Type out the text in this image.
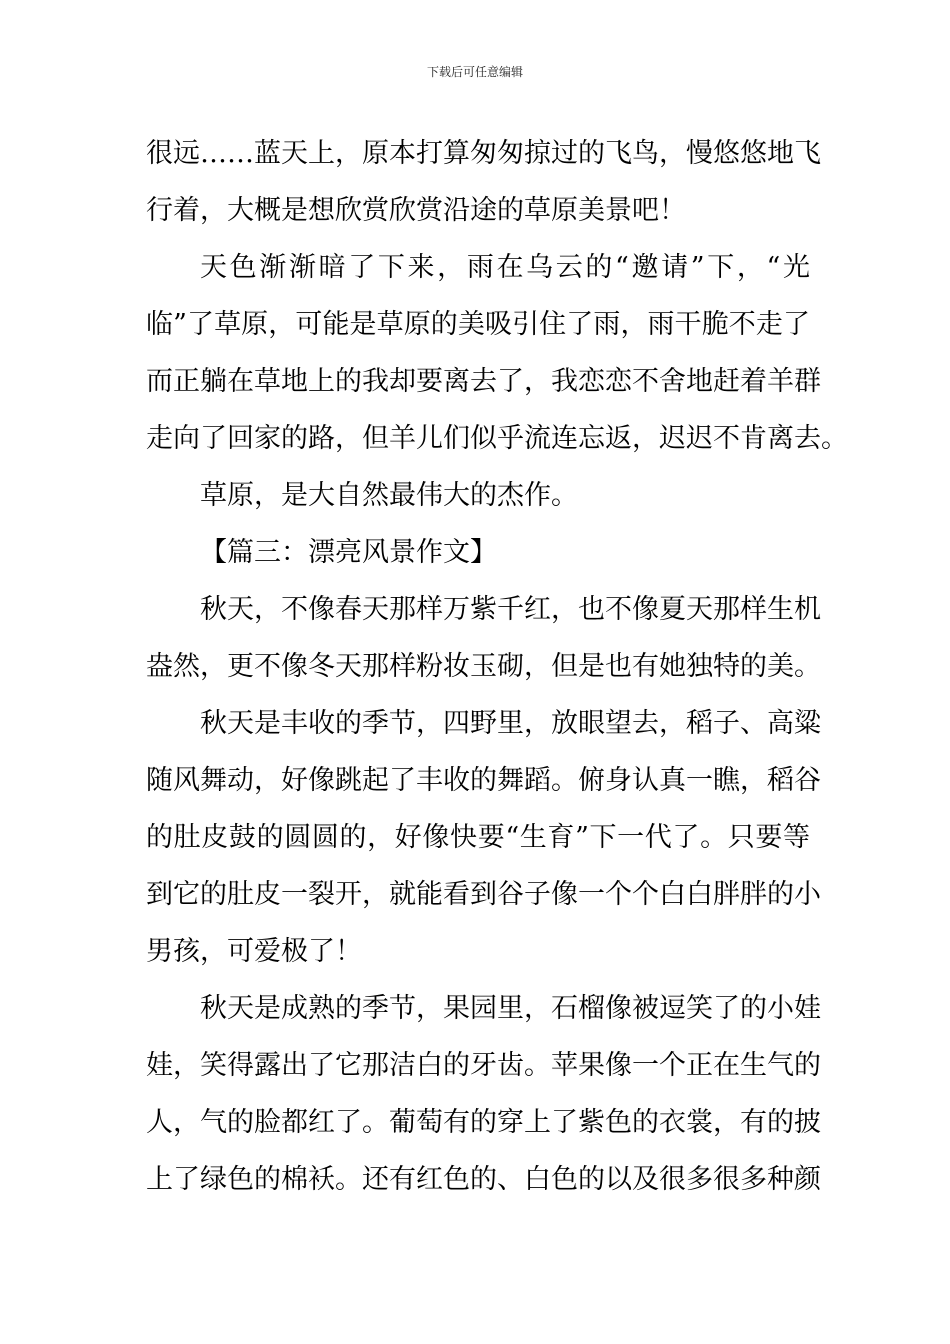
下载后可任意编辑
很远……蓝天上，原本打算匆匆掠过的飞鸟，慢悠悠地飞
行着，大概是想欣赏欣赏沿途的草原美景吧！
天色渐渐暗了下来，雨在乌云的“邀请”下，“光
临”了草原，可能是草原的美吸引住了雨，雨干脆不走了
而正躺在草地上的我却要离去了，我恋恋不舍地赶着羊群
走向了回家的路，但羊儿们似乎流连忘返，迟迟不肯离去。
草原，是大自然最伟大的杰作。
【篇三：漂亮风景作文】
秋天，不像春天那样万紫千红，也不像夏天那样生机
盎然，更不像冬天那样粉妆玉砌，但是也有她独特的美。
秋天是丰收的季节，四野里，放眼望去，稻子、高粱
随风舞动，好像跳起了丰收的舞蹈。俯身认真一瞧，稻谷
的肚皮鼓的圆圆的，好像快要“生育”下一代了。只要等
到它的肚皮一裂开，就能看到谷子像一个个白白胖胖的小
男孩，可爱极了！
秋天是成熟的季节，果园里，石榴像被逗笑了的小娃
娃，笑得露出了它那洁白的牙齿。苹果像一个正在生气的
人，气的脸都红了。葡萄有的穿上了紫色的衣裳，有的披
上了绿色的棉袄。还有红色的、白色的以及很多很多种颜
